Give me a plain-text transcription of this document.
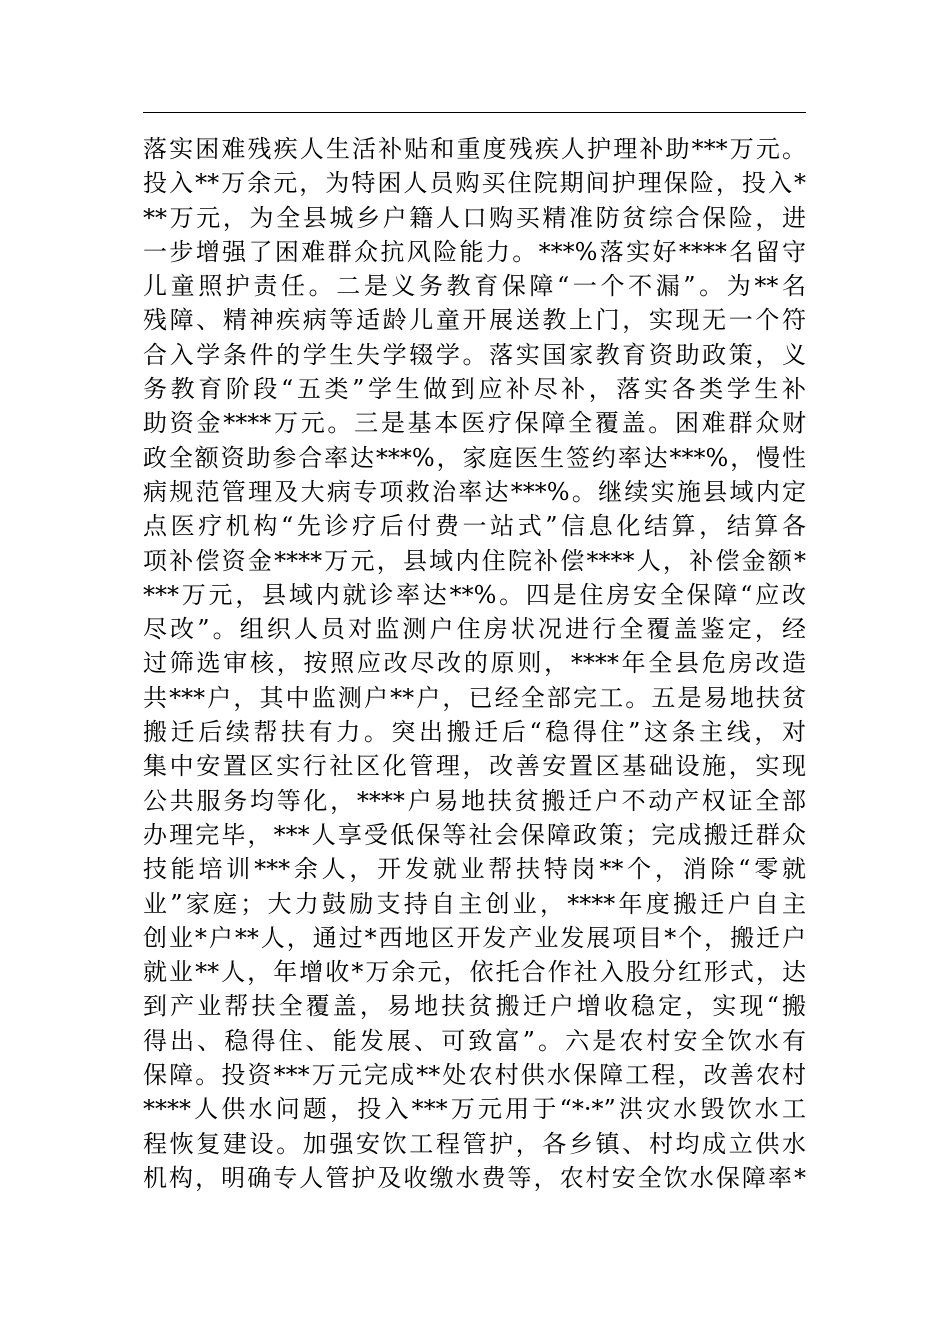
落实困难残疾人生活补贴和重度残疾人护理补助***万元。
投入**万余元，为特困人员购买住院期间护理保险，投入*
**万元，为全县城乡户籍人口购买精准防贫综合保险，进
一步增强了困难群众抗风险能力。***%落实好****名留守
儿童照护责任。二是义务教育保障“一个不漏”。为**名
残障、精神疾病等适龄儿童开展送教上门，实现无一个符
合入学条件的学生失学辍学。落实国家教育资助政策，义
务教育阶段“五类”学生做到应补尽补，落实各类学生补
助资金****万元。三是基本医疗保障全覆盖。困难群众财
政全额资助参合率达***%，家庭医生签约率达***%，慢性
病规范管理及大病专项救治率达***%。继续实施县域内定
点医疗机构“先诊疗后付费一站式”信息化结算，结算各
项补偿资金****万元，县域内住院补偿****人，补偿金额*
***万元，县域内就诊率达**%。四是住房安全保障“应改
尽改”。组织人员对监测户住房状况进行全覆盖鉴定，经
过筛选审核，按照应改尽改的原则，****年全县危房改造
共***户，其中监测户**户，已经全部完工。五是易地扶贫
搬迁后续帮扶有力。突出搬迁后“稳得住”这条主线，对
集中安置区实行社区化管理，改善安置区基础设施，实现
公共服务均等化，****户易地扶贫搬迁户不动产权证全部
办理完毕，***人享受低保等社会保障政策；完成搬迁群众
技能培训***余人，开发就业帮扶特岗**个，消除“零就
业”家庭；大力鼓励支持自主创业，****年度搬迁户自主
创业*户**人，通过*西地区开发产业发展项目*个，搬迁户
就业**人，年增收*万余元，依托合作社入股分红形式，达
到产业帮扶全覆盖，易地扶贫搬迁户增收稳定，实现“搬
得出、稳得住、能发展、可致富”。六是农村安全饮水有
保障。投资***万元完成**处农村供水保障工程，改善农村
****人供水问题，投入***万元用于“*·*”洪灾水毁饮水工
程恢复建设。加强安饮工程管护，各乡镇、村均成立供水
机构，明确专人管护及收缴水费等，农村安全饮水保障率*
